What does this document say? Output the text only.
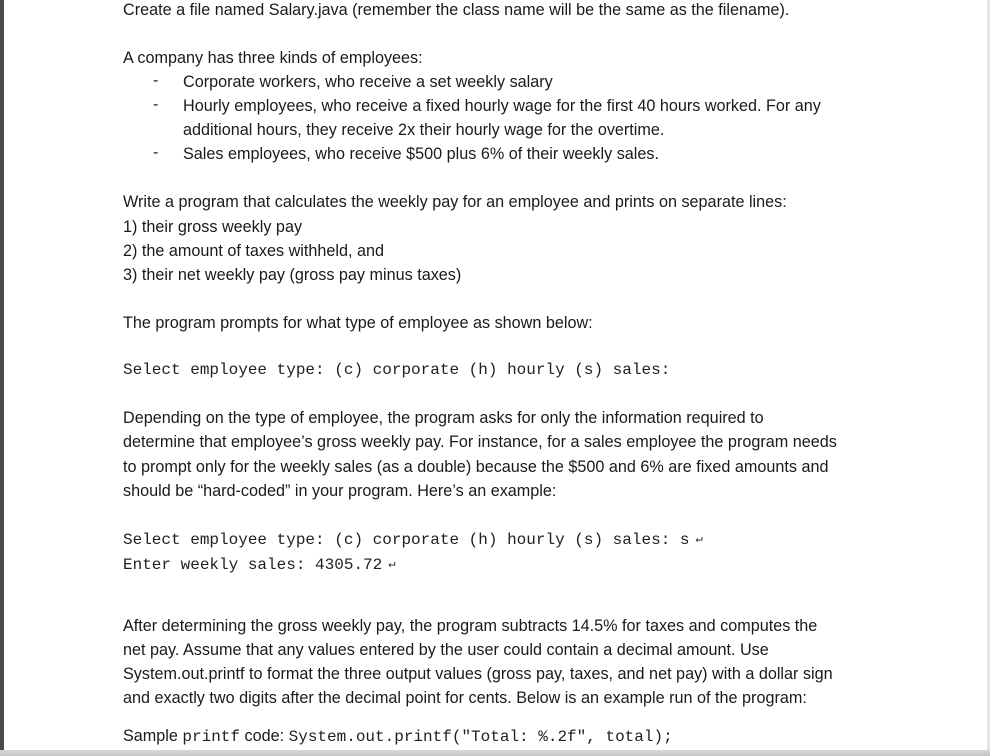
Create a file named Salary.java (remember the class name will be the same as the filename).
A company has three kinds of employees:
- Corporate workers, who receive a set weekly salary
- Hourly employees, who receive a fixed hourly wage for the first 40 hours worked. For any
additional hours, they receive 2x their hourly wage for the overtime.
- Sales employees, who receive $500 plus 6% of their weekly sales.
Write a program that calculates the weekly pay for an employee and prints on separate lines:
1) their gross weekly pay
2) the amount of taxes withheld, and
3) their net weekly pay (gross pay minus taxes)
The program prompts for what type of employee as shown below:
Select employee type: (c) corporate (h) hourly (s) sales:
Depending on the type of employee, the program asks for only the information required to
determine that employee’s gross weekly pay. For instance, for a sales employee the program needs
to prompt only for the weekly sales (as a double) because the $500 and 6% are fixed amounts and
should be “hard-coded” in your program. Here’s an example:
Select employee type: (c) corporate (h) hourly (s) sales: s ↵
Enter weekly sales: 4305.72 ↵
After determining the gross weekly pay, the program subtracts 14.5% for taxes and computes the
net pay. Assume that any values entered by the user could contain a decimal amount. Use
System.out.printf to format the three output values (gross pay, taxes, and net pay) with a dollar sign
and exactly two digits after the decimal point for cents. Below is an example run of the program:
Sample printf code: System.out.printf("Total: %.2f", total);
